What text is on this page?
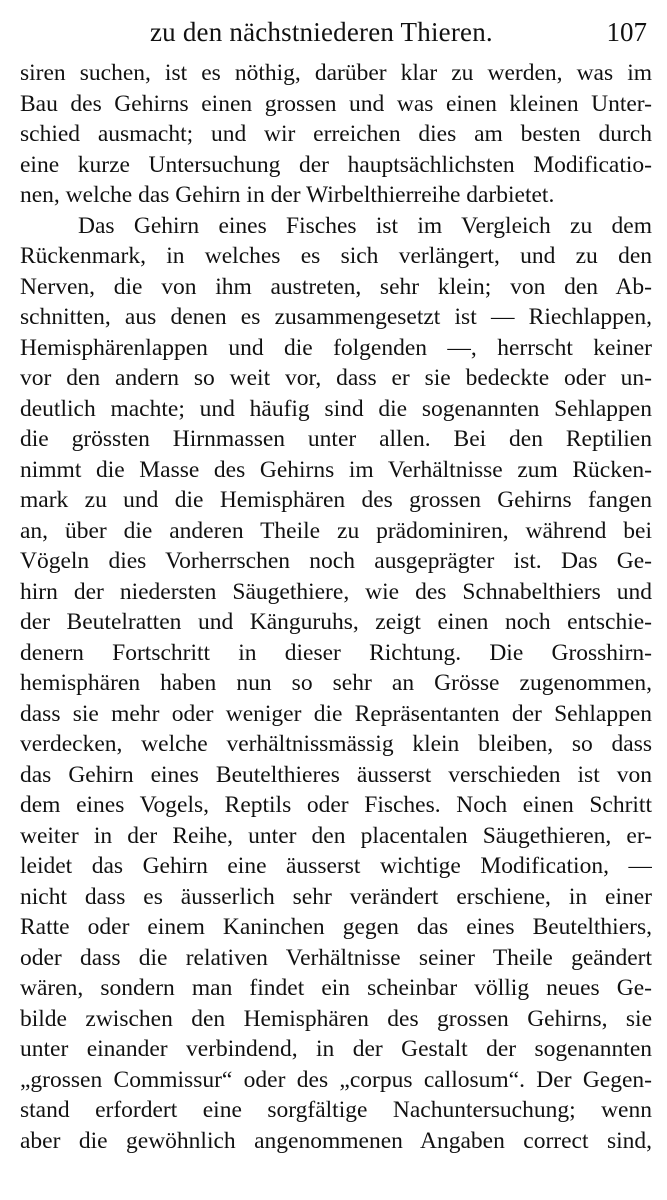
zu den nächstniederen Thieren.	107
siren suchen, ist es nöthig, darüber klar zu werden, was im
Bau des Gehirns einen grossen und was einen kleinen Unter-
schied ausmacht; und wir erreichen dies am besten durch
eine kurze Untersuchung der hauptsächlichsten Modificatio-
nen, welche das Gehirn in der Wirbelthierreihe darbietet.
Das Gehirn eines Fisches ist im Vergleich zu dem
Rückenmark, in welches es sich verlängert, und zu den
Nerven, die von ihm austreten, sehr klein; von den Ab-
schnitten, aus denen es zusammengesetzt ist — Riechlappen,
Hemisphärenlappen und die folgenden —, herrscht keiner
vor den andern so weit vor, dass er sie bedeckte oder un-
deutlich machte; und häufig sind die sogenannten Sehlappen
die grössten Hirnmassen unter allen. Bei den Reptilien
nimmt die Masse des Gehirns im Verhältnisse zum Rücken-
mark zu und die Hemisphären des grossen Gehirns fangen
an, über die anderen Theile zu prädominiren, während bei
Vögeln dies Vorherrschen noch ausgeprägter ist. Das Ge-
hirn der niedersten Säugethiere, wie des Schnabelthiers und
der Beutelratten und Känguruhs, zeigt einen noch entschie-
denern Fortschritt in dieser Richtung. Die Grosshirn-
hemisphären haben nun so sehr an Grösse zugenommen,
dass sie mehr oder weniger die Repräsentanten der Sehlappen
verdecken, welche verhältnissmässig klein bleiben, so dass
das Gehirn eines Beutelthieres äusserst verschieden ist von
dem eines Vogels, Reptils oder Fisches. Noch einen Schritt
weiter in der Reihe, unter den placentalen Säugethieren, er-
leidet das Gehirn eine äusserst wichtige Modification, —
nicht dass es äusserlich sehr verändert erschiene, in einer
Ratte oder einem Kaninchen gegen das eines Beutelthiers,
oder dass die relativen Verhältnisse seiner Theile geändert
wären, sondern man findet ein scheinbar völlig neues Ge-
bilde zwischen den Hemisphären des grossen Gehirns, sie
unter einander verbindend, in der Gestalt der sogenannten
„grossen Commissur“ oder des „corpus callosum“. Der Gegen-
stand erfordert eine sorgfältige Nachuntersuchung; wenn
aber die gewöhnlich angenommenen Angaben correct sind,
